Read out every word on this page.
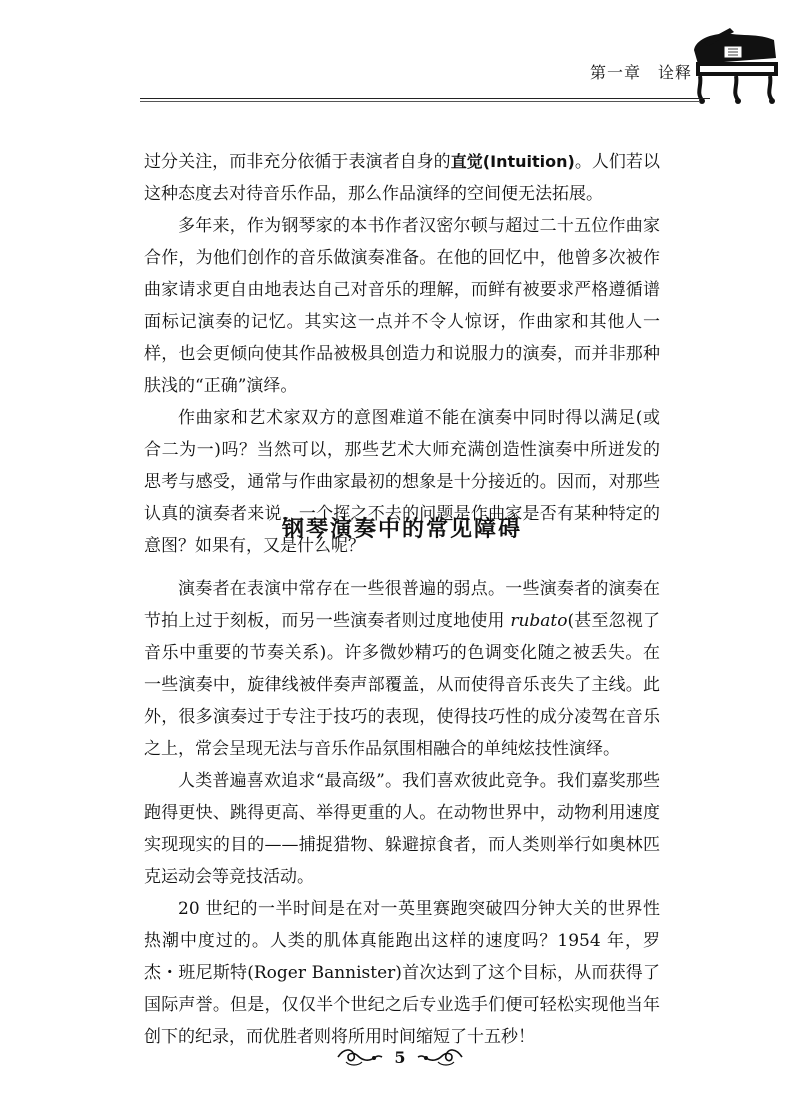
第一章　诠释

过分关注，而非充分依循于表演者自身的直觉(Intuition)。人们若以这种态度去对待音乐作品，那么作品演绎的空间便无法拓展。

多年来，作为钢琴家的本书作者汉密尔顿与超过二十五位作曲家合作，为他们创作的音乐做演奏准备。在他的回忆中，他曾多次被作曲家请求更自由地表达自己对音乐的理解，而鲜有被要求严格遵循谱面标记演奏的记忆。其实这一点并不令人惊讶，作曲家和其他人一样，也会更倾向使其作品被极具创造力和说服力的演奏，而并非那种肤浅的“正确”演绎。

作曲家和艺术家双方的意图难道不能在演奏中同时得以满足(或合二为一)吗？当然可以，那些艺术大师充满创造性演奏中所迸发的思考与感受，通常与作曲家最初的想象是十分接近的。因而，对那些认真的演奏者来说，一个挥之不去的问题是作曲家是否有某种特定的意图？如果有，又是什么呢？

钢琴演奏中的常见障碍

演奏者在表演中常存在一些很普遍的弱点。一些演奏者的演奏在节拍上过于刻板，而另一些演奏者则过度地使用 rubato(甚至忽视了音乐中重要的节奏关系)。许多微妙精巧的色调变化随之被丢失。在一些演奏中，旋律线被伴奏声部覆盖，从而使得音乐丧失了主线。此外，很多演奏过于专注于技巧的表现，使得技巧性的成分凌驾在音乐之上，常会呈现无法与音乐作品氛围相融合的单纯炫技性演绎。

人类普遍喜欢追求“最高级”。我们喜欢彼此竞争。我们嘉奖那些跑得更快、跳得更高、举得更重的人。在动物世界中，动物利用速度实现现实的目的——捕捉猎物、躲避掠食者，而人类则举行如奥林匹克运动会等竞技活动。

20 世纪的一半时间是在对一英里赛跑突破四分钟大关的世界性热潮中度过的。人类的肌体真能跑出这样的速度吗？1954 年，罗杰・班尼斯特(Roger Bannister)首次达到了这个目标，从而获得了国际声誉。但是，仅仅半个世纪之后专业选手们便可轻松实现他当年创下的纪录，而优胜者则将所用时间缩短了十五秒！

5
